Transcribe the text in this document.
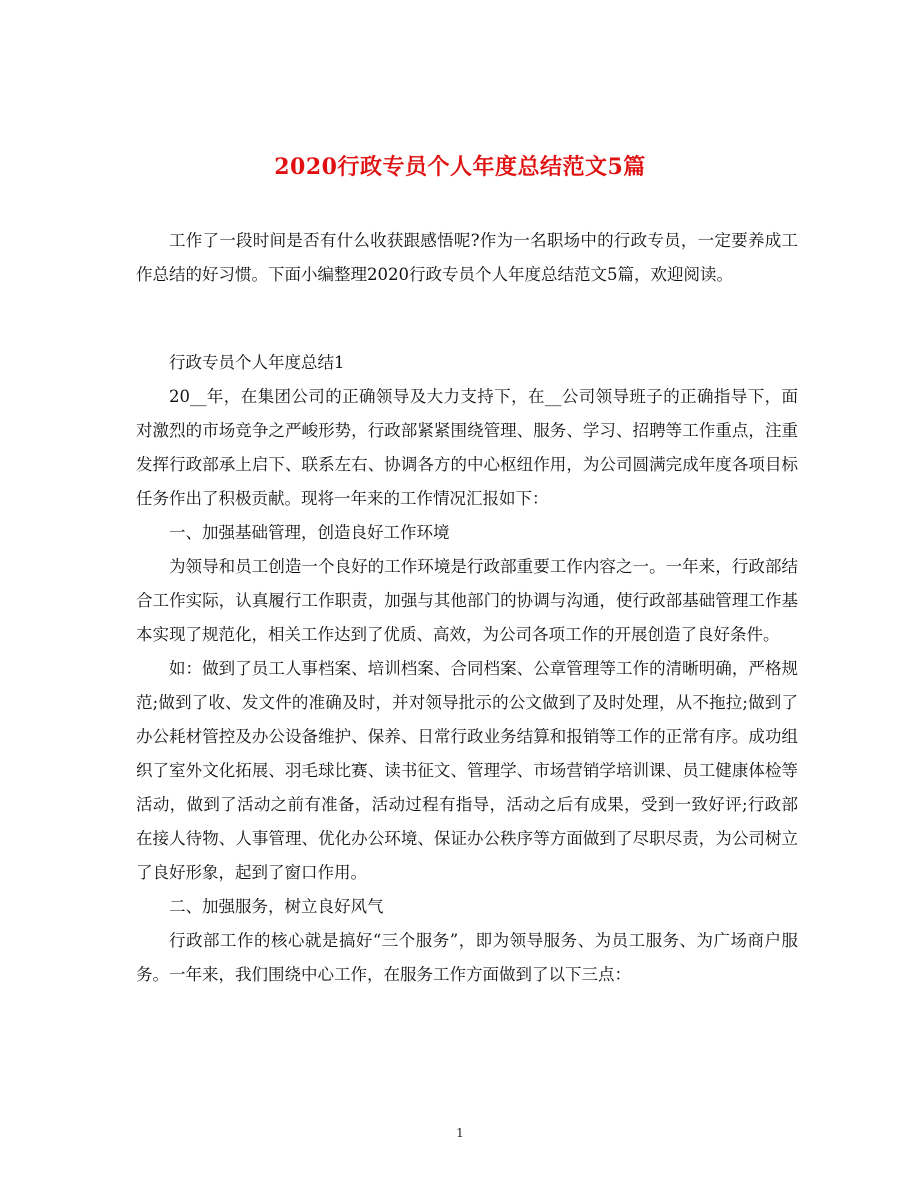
2020行政专员个人年度总结范文5篇

工作了一段时间是否有什么收获跟感悟呢?作为一名职场中的行政专员，一定要养成工作总结的好习惯。下面小编整理2020行政专员个人年度总结范文5篇，欢迎阅读。

行政专员个人年度总结1

20__年，在集团公司的正确领导及大力支持下，在__公司领导班子的正确指导下，面对激烈的市场竞争之严峻形势，行政部紧紧围绕管理、服务、学习、招聘等工作重点，注重发挥行政部承上启下、联系左右、协调各方的中心枢纽作用，为公司圆满完成年度各项目标任务作出了积极贡献。现将一年来的工作情况汇报如下：

一、加强基础管理，创造良好工作环境

为领导和员工创造一个良好的工作环境是行政部重要工作内容之一。一年来，行政部结合工作实际，认真履行工作职责，加强与其他部门的协调与沟通，使行政部基础管理工作基本实现了规范化，相关工作达到了优质、高效，为公司各项工作的开展创造了良好条件。

如：做到了员工人事档案、培训档案、合同档案、公章管理等工作的清晰明确，严格规范;做到了收、发文件的准确及时，并对领导批示的公文做到了及时处理，从不拖拉;做到了办公耗材管控及办公设备维护、保养、日常行政业务结算和报销等工作的正常有序。成功组织了室外文化拓展、羽毛球比赛、读书征文、管理学、市场营销学培训课、员工健康体检等活动，做到了活动之前有准备，活动过程有指导，活动之后有成果，受到一致好评;行政部在接人待物、人事管理、优化办公环境、保证办公秩序等方面做到了尽职尽责，为公司树立了良好形象，起到了窗口作用。

二、加强服务，树立良好风气

行政部工作的核心就是搞好“三个服务”，即为领导服务、为员工服务、为广场商户服务。一年来，我们围绕中心工作，在服务工作方面做到了以下三点：

1
